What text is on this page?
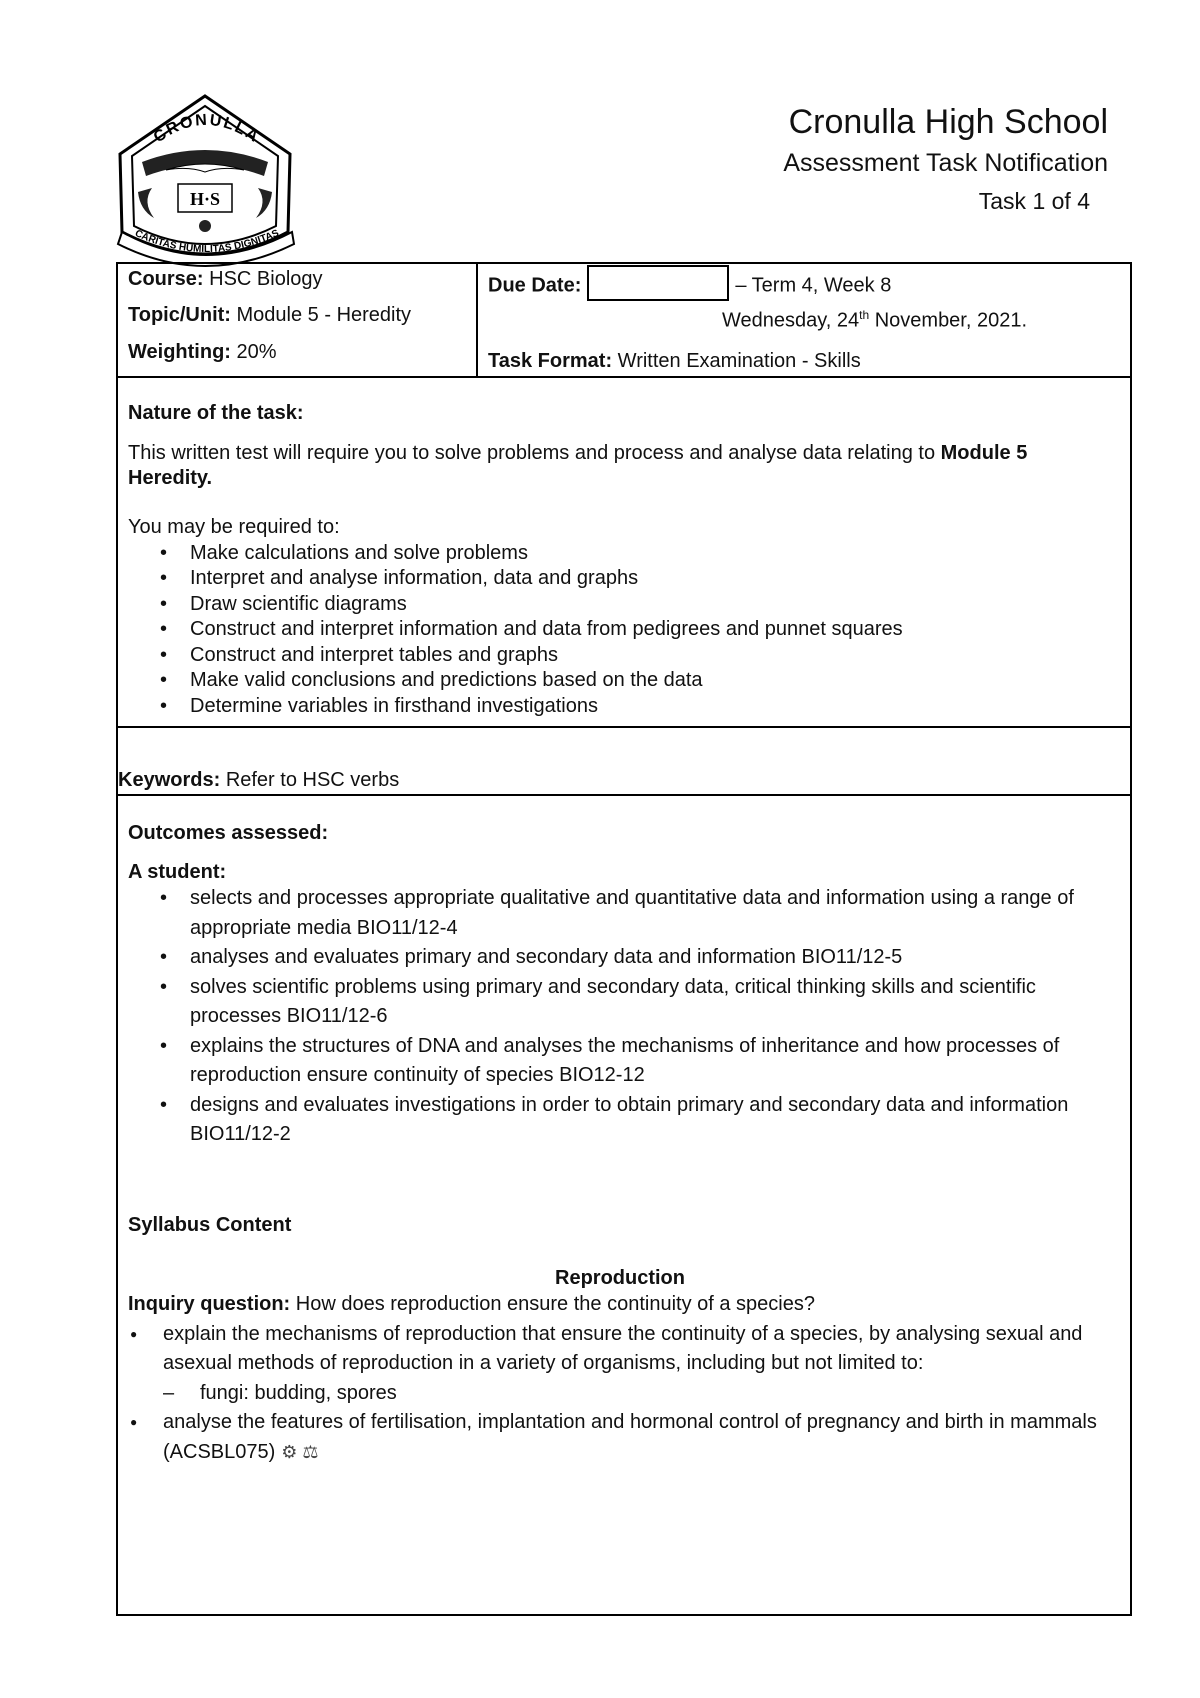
H·S
CRONULLA
CARITAS HUMILITAS DIGNITAS
Cronulla High School
Assessment Task Notification
Task 1 of 4
Course: HSC Biology
Topic/Unit: Module 5 - Heredity
Weighting: 20%
Due Date:	– Term 4, Week 8
Wednesday, 24th November, 2021.
Task Format: Written Examination - Skills
Nature of the task:
This written test will require you to solve problems and process and analyse data relating to Module 5 Heredity.
You may be required to:
• Make calculations and solve problems
• Interpret and analyse information, data and graphs
• Draw scientific diagrams
• Construct and interpret information and data from pedigrees and punnet squares
• Construct and interpret tables and graphs
• Make valid conclusions and predictions based on the data
• Determine variables in firsthand investigations
Keywords: Refer to HSC verbs
Outcomes assessed:
A student:
• selects and processes appropriate qualitative and quantitative data and information using a range of appropriate media BIO11/12-4
• analyses and evaluates primary and secondary data and information BIO11/12-5
• solves scientific problems using primary and secondary data, critical thinking skills and scientific processes BIO11/12-6
• explains the structures of DNA and analyses the mechanisms of inheritance and how processes of reproduction ensure continuity of species BIO12-12
• designs and evaluates investigations in order to obtain primary and secondary data and information BIO11/12-2
Syllabus Content
Reproduction
Inquiry question: How does reproduction ensure the continuity of a species?
● explain the mechanisms of reproduction that ensure the continuity of a species, by analysing sexual and asexual methods of reproduction in a variety of organisms, including but not limited to:
– fungi: budding, spores
● analyse the features of fertilisation, implantation and hormonal control of pregnancy and birth in mammals (ACSBL075) ⚙ ⚖
